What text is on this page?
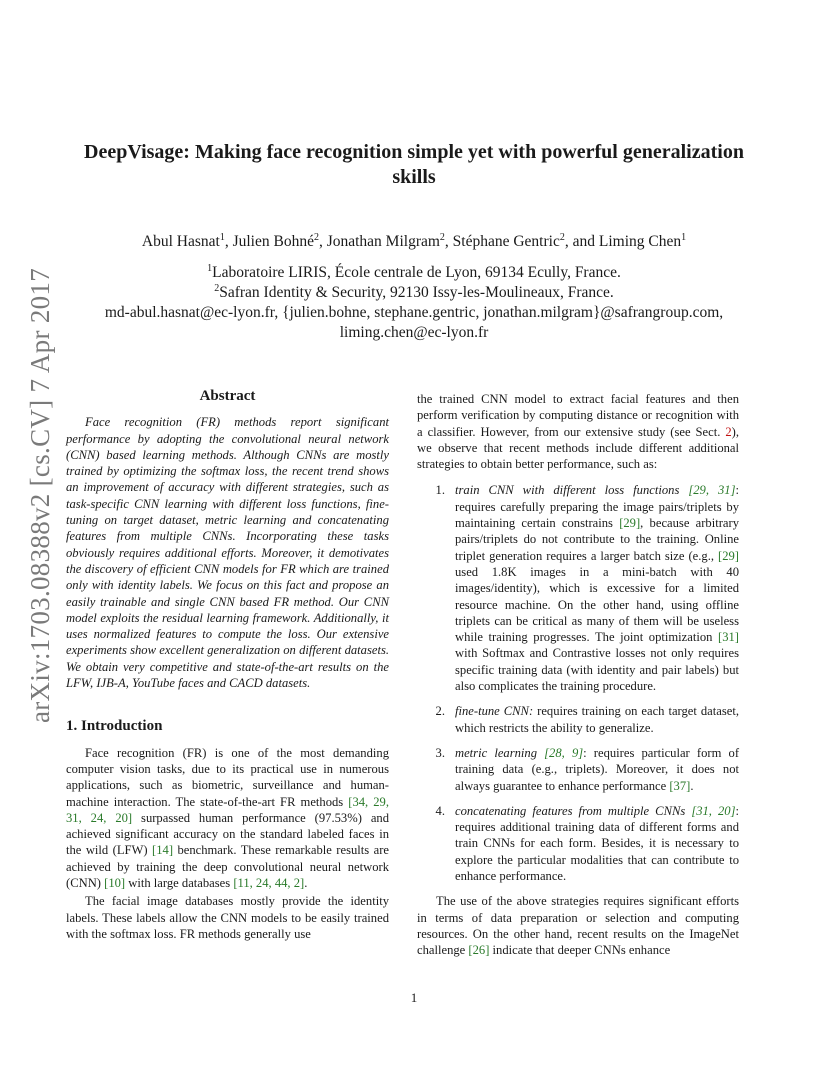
arXiv:1703.08388v2 [cs.CV] 7 Apr 2017
DeepVisage: Making face recognition simple yet with powerful generalization skills
Abul Hasnat$^1$, Julien Bohné$^2$, Jonathan Milgram$^2$, Stéphane Gentric$^2$, and Liming Chen$^1$
$^1$Laboratoire LIRIS, École centrale de Lyon, 69134 Ecully, France.
$^2$Safran Identity & Security, 92130 Issy-les-Moulineaux, France.
md-abul.hasnat@ec-lyon.fr, {julien.bohne, stephane.gentric, jonathan.milgram}@safrangroup.com, liming.chen@ec-lyon.fr
Abstract

Face recognition (FR) methods report significant performance by adopting the convolutional neural network (CNN) based learning methods. Although CNNs are mostly trained by optimizing the softmax loss, the recent trend shows an improvement of accuracy with different strategies, such as task-specific CNN learning with different loss functions, fine-tuning on target dataset, metric learning and concatenating features from multiple CNNs. Incorporating these tasks obviously requires additional efforts. Moreover, it demotivates the discovery of efficient CNN models for FR which are trained only with identity labels. We focus on this fact and propose an easily trainable and single CNN based FR method. Our CNN model exploits the residual learning framework. Additionally, it uses normalized features to compute the loss. Our extensive experiments show excellent generalization on different datasets. We obtain very competitive and state-of-the-art results on the LFW, IJB-A, YouTube faces and CACD datasets.

1. Introduction

Face recognition (FR) is one of the most demanding computer vision tasks, due to its practical use in numerous applications, such as biometric, surveillance and human-machine interaction. The state-of-the-art FR methods [34, 29, 31, 24, 20] surpassed human performance (97.53%) and achieved significant accuracy on the standard labeled faces in the wild (LFW) [14] benchmark. These remarkable results are achieved by training the deep convolutional neural network (CNN) [10] with large databases [11, 24, 44, 2].

The facial image databases mostly provide the identity labels. These labels allow the CNN models to be easily trained with the softmax loss. FR methods generally use

the trained CNN model to extract facial features and then perform verification by computing distance or recognition with a classifier. However, from our extensive study (see Sect. 2), we observe that recent methods include different additional strategies to obtain better performance, such as:

1. train CNN with different loss functions [29, 31]: requires carefully preparing the image pairs/triplets by maintaining certain constrains [29], because arbitrary pairs/triplets do not contribute to the training. Online triplet generation requires a larger batch size (e.g., [29] used 1.8K images in a mini-batch with 40 images/identity), which is excessive for a limited resource machine. On the other hand, using offline triplets can be critical as many of them will be useless while training progresses. The joint optimization [31] with Softmax and Contrastive losses not only requires specific training data (with identity and pair labels) but also complicates the training procedure.
2. fine-tune CNN: requires training on each target dataset, which restricts the ability to generalize.
3. metric learning [28, 9]: requires particular form of training data (e.g., triplets). Moreover, it does not always guarantee to enhance performance [37].
4. concatenating features from multiple CNNs [31, 20]: requires additional training data of different forms and train CNNs for each form. Besides, it is necessary to explore the particular modalities that can contribute to enhance performance.

The use of the above strategies requires significant efforts in terms of data preparation or selection and computing resources. On the other hand, recent results on the ImageNet challenge [26] indicate that deeper CNNs enhance

1
